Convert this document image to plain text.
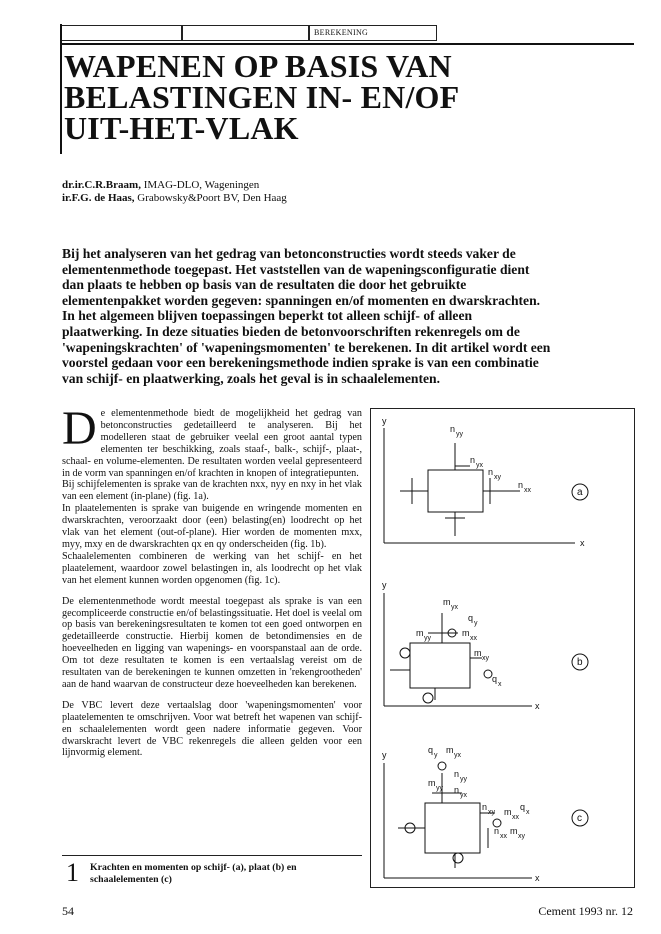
BEREKENING
WAPENEN OP BASIS VAN
BELASTINGEN IN- EN/OF
UIT-HET-VLAK
dr.ir.C.R.Braam, IMAG-DLO, Wageningen
ir.F.G. de Haas, Grabowsky&Poort BV, Den Haag
Bij het analyseren van het gedrag van betonconstructies wordt steeds vaker de
elementenmethode toegepast. Het vaststellen van de wapeningsconfiguratie dient
dan plaats te hebben op basis van de resultaten die door het gebruikte
elementenpakket worden gegeven: spanningen en/of momenten en dwarskrachten.
In het algemeen blijven toepassingen beperkt tot alleen schijf- of alleen
plaatwerking. In deze situaties bieden de betonvoorschriften rekenregels om de
'wapeningskrachten' of 'wapeningsmomenten' te berekenen. In dit artikel wordt een
voorstel gedaan voor een berekeningsmethode indien sprake is van een combinatie
van schijf- en plaatwerking, zoals het geval is in schaalelementen.

De elementenmethode biedt de mogelijkheid het gedrag van betonconstructies gedetailleerd te analyseren. Bij het modelleren staat de gebruiker veelal een groot aantal typen elementen ter beschikking, zoals staaf-, balk-, schijf-, plaat-, schaal- en volume-elementen. De resultaten worden veelal gepresenteerd in de vorm van spanningen en/of krachten in knopen of integratiepunten.

Bij schijfelementen is sprake van de krachten nxx, nyy en nxy in het vlak van een element (in-plane) (fig. 1a).

In plaatelementen is sprake van buigende en wringende momenten en dwarskrachten, veroorzaakt door (een) belasting(en) loodrecht op het vlak van het element (out-of-plane). Hier worden de momenten mxx, myy, mxy en de dwarskrachten qx en qy onderscheiden (fig. 1b).

Schaalelementen combineren de werking van het schijf- en het plaatelement, waardoor zowel belastingen in, als loodrecht op het vlak van het element kunnen worden opgenomen (fig. 1c).

De elementenmethode wordt meestal toegepast als sprake is van een gecompliceerde constructie en/of belastingssituatie. Het doel is veelal om op basis van berekeningsresultaten te komen tot een goed ontworpen en gedetailleerde constructie. Hierbij komen de betondimensies en de hoeveelheden en ligging van wapenings- en voorspanstaal aan de orde. Om tot deze resultaten te komen is een vertaalslag vereist om de resultaten van de berekeningen te kunnen omzetten in 'rekengrootheden' aan de hand waarvan de constructeur deze hoeveelheden kan berekenen.

De VBC levert deze vertaalslag door 'wapeningsmomenten' voor plaatelementen te omschrijven. Voor wat betreft het wapenen van schijf- en schaalelementen wordt geen nadere informatie gegeven. Voor dwarskracht levert de VBC rekenregels die alleen gelden voor een lijnvormig element.

y
x
y
x
y
x
n
yy
n
yx
n
xy
n
xx	a
m
yx
q
y
m
yy
m
xx
m
xy
q
x
b
q
y
m
yx
n
yy
m
yy n
yx
n
xy m
xx
q
x
n
xx
m
xy
c
1 Krachten en momenten op schijf- (a), plaat (b) en
schaalelementen (c)
54	Cement 1993 nr. 12
